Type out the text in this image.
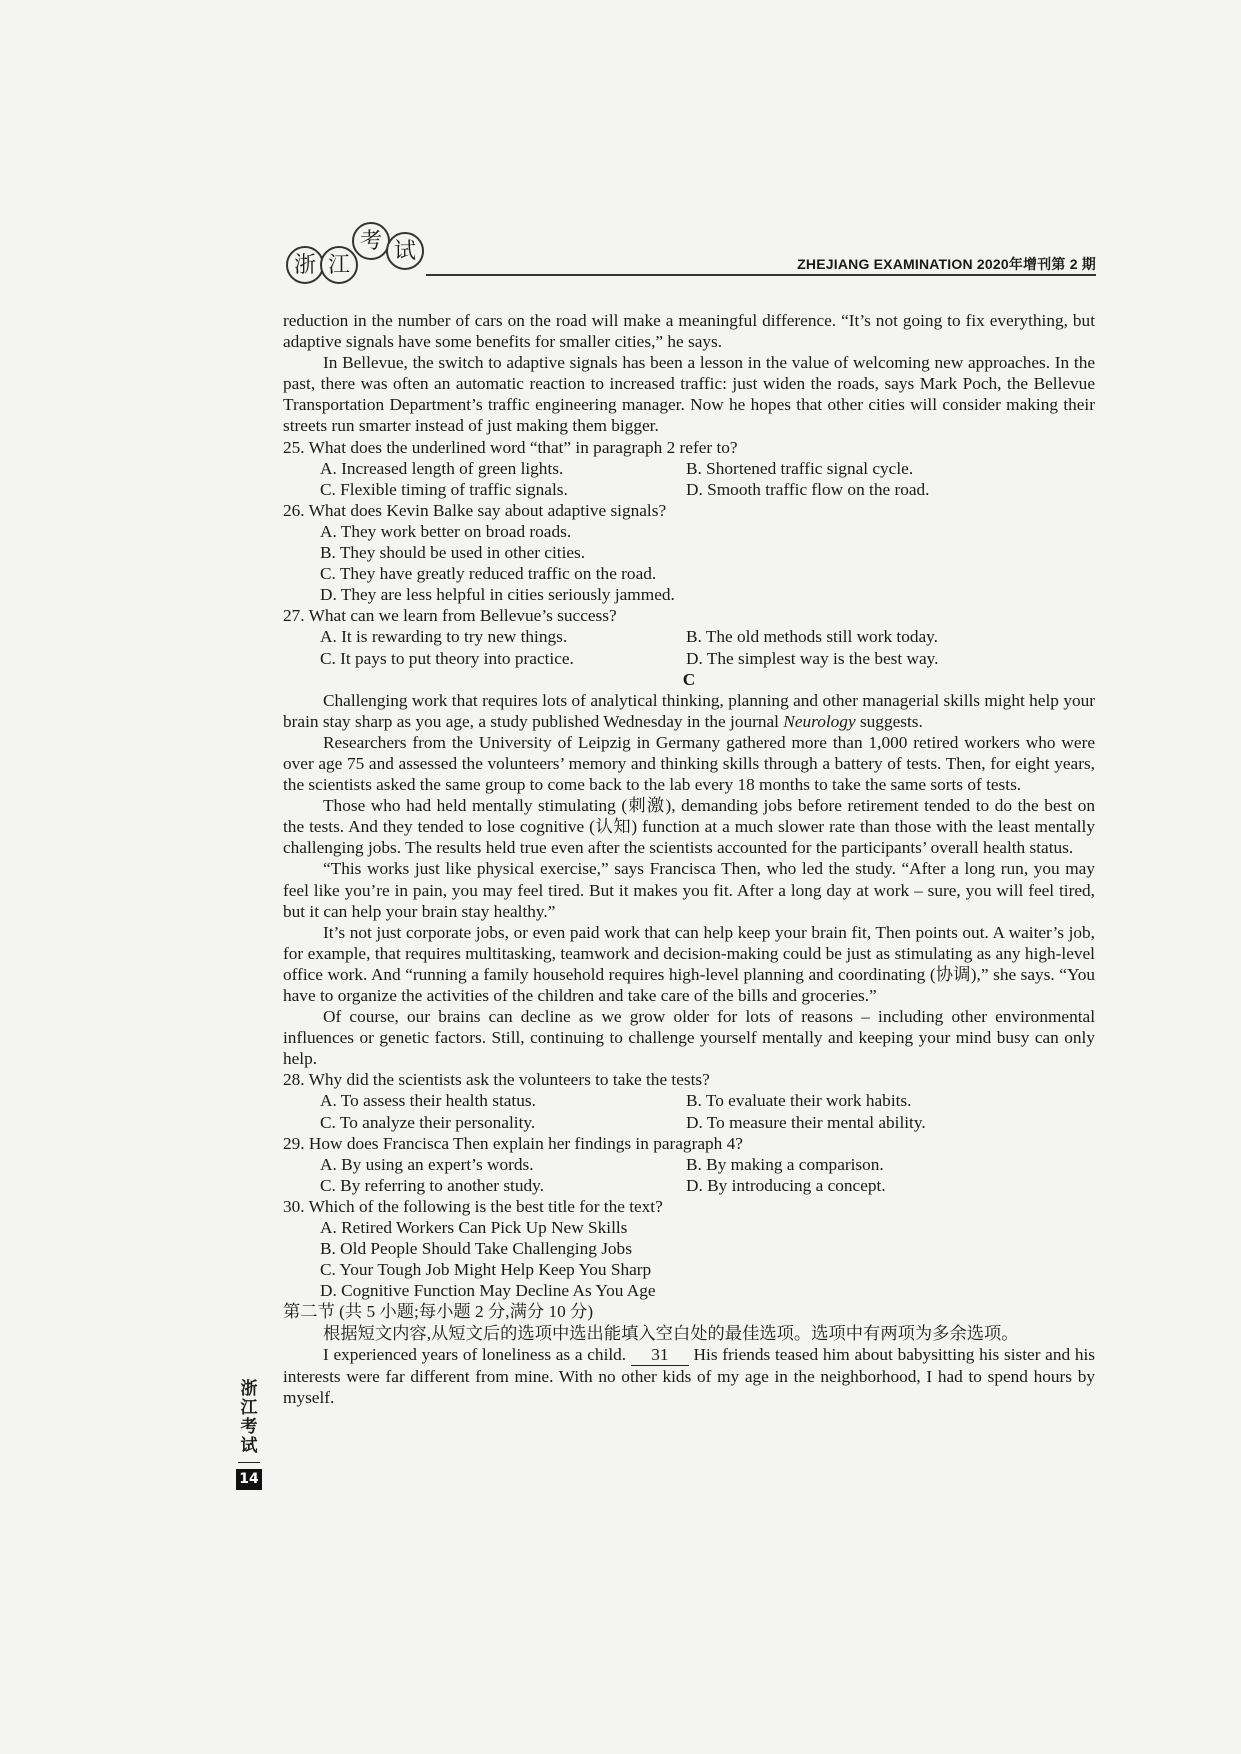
浙 江
考 试
ZHEJIANG EXAMINATION 2020年增刊第 2 期

reduction in the number of cars on the road will make a meaningful difference. “It’s not going to fix everything, but adaptive signals have some benefits for smaller cities,” he says.

In Bellevue, the switch to adaptive signals has been a lesson in the value of welcoming new approaches. In the past, there was often an automatic reaction to increased traffic: just widen the roads, says Mark Poch, the Bellevue Transportation Department’s traffic engineering manager. Now he hopes that other cities will consider making their streets run smarter instead of just making them bigger.

25. What does the underlined word “that” in paragraph 2 refer to?

A. Increased length of green lights.	B. Shortened traffic signal cycle.
C. Flexible timing of traffic signals.	D. Smooth traffic flow on the road.

26. What does Kevin Balke say about adaptive signals?

A. They work better on broad roads.
B. They should be used in other cities.
C. They have greatly reduced traffic on the road.
D. They are less helpful in cities seriously jammed.

27. What can we learn from Bellevue’s success?

A. It is rewarding to try new things.	B. The old methods still work today.
C. It pays to put theory into practice.	D. The simplest way is the best way.
C

Challenging work that requires lots of analytical thinking, planning and other managerial skills might help your brain stay sharp as you age, a study published Wednesday in the journal Neurology suggests.

Researchers from the University of Leipzig in Germany gathered more than 1,000 retired workers who were over age 75 and assessed the volunteers’ memory and thinking skills through a battery of tests. Then, for eight years, the scientists asked the same group to come back to the lab every 18 months to take the same sorts of tests.

Those who had held mentally stimulating (刺激), demanding jobs before retirement tended to do the best on the tests. And they tended to lose cognitive (认知) function at a much slower rate than those with the least mentally challenging jobs. The results held true even after the scientists accounted for the participants’ overall health status.

“This works just like physical exercise,” says Francisca Then, who led the study. “After a long run, you may feel like you’re in pain, you may feel tired. But it makes you fit. After a long day at work – sure, you will feel tired, but it can help your brain stay healthy.”

It’s not just corporate jobs, or even paid work that can help keep your brain fit, Then points out. A waiter’s job, for example, that requires multitasking, teamwork and decision-making could be just as stimulating as any high-level office work. And “running a family household requires high-level planning and coordinating (协调),” she says. “You have to organize the activities of the children and take care of the bills and groceries.”

Of course, our brains can decline as we grow older for lots of reasons – including other environmental influences or genetic factors. Still, continuing to challenge yourself mentally and keeping your mind busy can only help.

28. Why did the scientists ask the volunteers to take the tests?

A. To assess their health status.	B. To evaluate their work habits.
C. To analyze their personality.	D. To measure their mental ability.

29. How does Francisca Then explain her findings in paragraph 4?

A. By using an expert’s words.	B. By making a comparison.
C. By referring to another study.	D. By introducing a concept.

30. Which of the following is the best title for the text?

A. Retired Workers Can Pick Up New Skills
B. Old People Should Take Challenging Jobs
C. Your Tough Job Might Help Keep You Sharp
D. Cognitive Function May Decline As You Age

第二节 (共 5 小题;每小题 2 分,满分 10 分)

根据短文内容,从短文后的选项中选出能填入空白处的最佳选项。选项中有两项为多余选项。

I experienced years of loneliness as a child. 31 His friends teased him about babysitting his sister and his interests were far different from mine. With no other kids of my age in the neighborhood, I had to spend hours by myself.

浙
江
考
试
14
